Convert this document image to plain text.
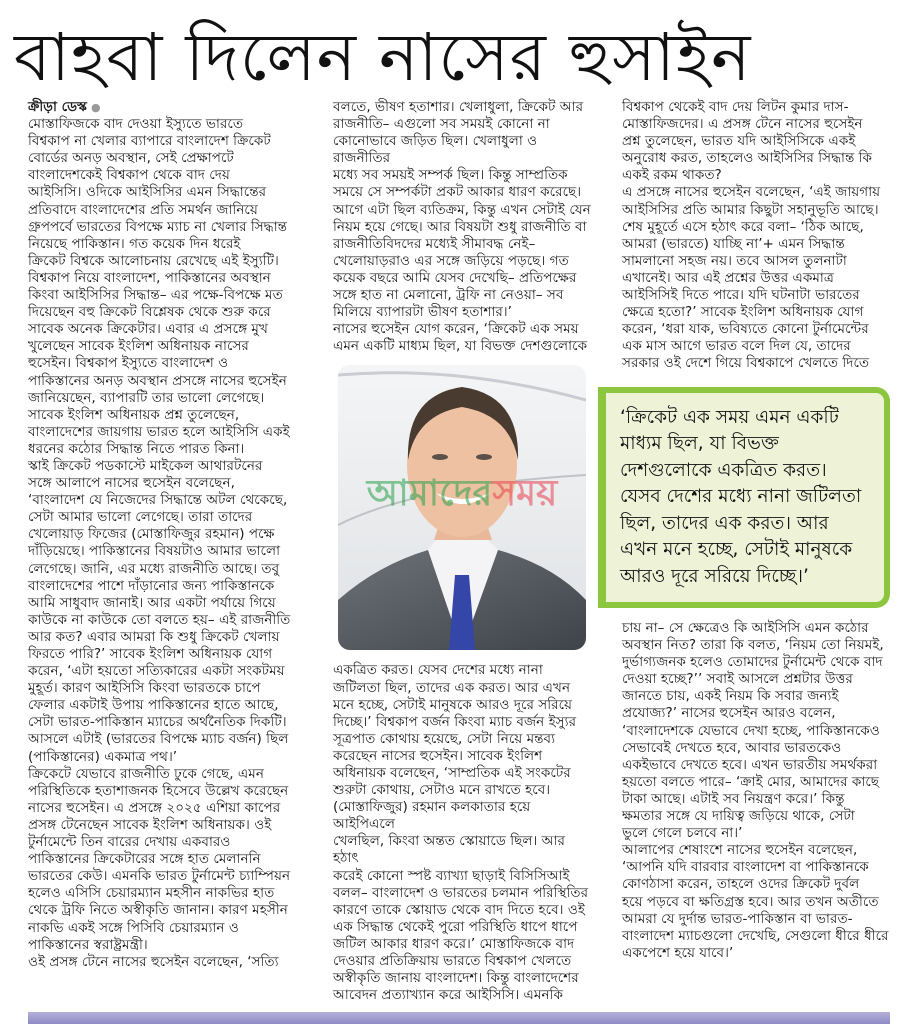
বাহবা দিলেন নাসের হুসাইন
ক্রীড়া ডেস্ক ●
মোস্তাফিজকে বাদ দেওয়া ইস্যুতে ভারতে
বিশ্বকাপ না খেলার ব্যাপারে বাংলাদেশ ক্রিকেট
বোর্ডের অনড় অবস্থান, সেই প্রেক্ষাপটে
বাংলাদেশকেই বিশ্বকাপ থেকে বাদ দেয়
আইসিসি। ওদিকে আইসিসির এমন সিদ্ধান্তের
প্রতিবাদে বাংলাদেশের প্রতি সমর্থন জানিয়ে
গ্রুপপর্বে ভারতের বিপক্ষে ম্যাচ না খেলার সিদ্ধান্ত
নিয়েছে পাকিস্তান। গত কয়েক দিন ধরেই
ক্রিকেট বিশ্বকে আলোচনায় রেখেছে এই ইস্যুটি।
বিশ্বকাপ নিয়ে বাংলাদেশ, পাকিস্তানের অবস্থান
কিংবা আইসিসির সিদ্ধান্ত– এর পক্ষে-বিপক্ষে মত
দিয়েছেন বহু ক্রিকেট বিশ্লেষক থেকে শুরু করে
সাবেক অনেক ক্রিকেটার। এবার এ প্রসঙ্গে মুখ
খুলেছেন সাবেক ইংলিশ অধিনায়ক নাসের
হুসেইন। বিশ্বকাপ ইস্যুতে বাংলাদেশ ও
পাকিস্তানের অনড় অবস্থান প্রসঙ্গে নাসের হুসেইন
জানিয়েছেন, ব্যাপারটি তার ভালো লেগেছে।
সাবেক ইংলিশ অধিনায়ক প্রশ্ন তুলেছেন,
বাংলাদেশের জায়গায় ভারত হলে আইসিসি একই
ধরনের কঠোর সিদ্ধান্ত নিতে পারত কিনা।
স্কাই ক্রিকেট পডকাস্টে মাইকেল আথারটনের
সঙ্গে আলাপে নাসের হুসেইন বলেছেন,
‘বাংলাদেশ যে নিজেদের সিদ্ধান্তে অটল থেকেছে,
সেটা আমার ভালো লেগেছে। তারা তাদের
খেলোয়াড় ফিজের (মোস্তাফিজুর রহমান) পক্ষে
দাঁড়িয়েছে। পাকিস্তানের বিষয়টাও আমার ভালো
লেগেছে। জানি, এর মধ্যে রাজনীতি আছে। তবু
বাংলাদেশের পাশে দাঁড়ানোর জন্য পাকিস্তানকে
আমি সাধুবাদ জানাই। আর একটা পর্যায়ে গিয়ে
কাউকে না কাউকে তো বলতে হয়– এই রাজনীতি
আর কত? এবার আমরা কি শুধু ক্রিকেট খেলায়
ফিরতে পারি?’ সাবেক ইংলিশ অধিনায়ক যোগ
করেন, ‘এটা হয়তো সত্যিকারের একটা সংকটময়
মুহূর্ত। কারণ আইসিসি কিংবা ভারতকে চাপে
ফেলার একটাই উপায় পাকিস্তানের হাতে আছে,
সেটা ভারত-পাকিস্তান ম্যাচের অর্থনৈতিক দিকটি।
আসলে এটাই (ভারতের বিপক্ষে ম্যাচ বর্জন) ছিল
(পাকিস্তানের) একমাত্র পথ।’
ক্রিকেটে যেভাবে রাজনীতি ঢুকে গেছে, এমন
পরিস্থিতিকে হতাশাজনক হিসেবে উল্লেখ করেছেন
নাসের হুসেইন। এ প্রসঙ্গে ২০২৫ এশিয়া কাপের
প্রসঙ্গ টেনেছেন সাবেক ইংলিশ অধিনায়ক। ওই
টুর্নামেন্টে তিন বারের দেখায় একবারও
পাকিস্তানের ক্রিকেটারের সঙ্গে হাত মেলাননি
ভারতের কেউ। এমনকি ভারত টুর্নামেন্ট চ্যাম্পিয়ন
হলেও এসিসি চেয়ারম্যান মহসীন নাকভির হাত
থেকে ট্রফি নিতে অস্বীকৃতি জানান। কারণ মহসীন
নাকভি একই সঙ্গে পিসিবি চেয়ারম্যান ও
পাকিস্তানের স্বরাষ্ট্রমন্ত্রী।
ওই প্রসঙ্গ টেনে নাসের হুসেইন বলেছেন, ‘সত্যি
বলতে, ভীষণ হতাশার। খেলাধুলা, ক্রিকেট আর
রাজনীতি– এগুলো সব সময়ই কোনো না
কোনোভাবে জড়িত ছিল। খেলাধুলা ও রাজনীতির
মধ্যে সব সময়ই সম্পর্ক ছিল। কিন্তু সাম্প্রতিক
সময়ে সে সম্পর্কটা প্রকট আকার ধারণ করেছে।
আগে এটা ছিল ব্যতিক্রম, কিন্তু এখন সেটাই যেন
নিয়ম হয়ে গেছে। আর বিষয়টা শুধু রাজনীতি বা
রাজনীতিবিদদের মধ্যেই সীমাবদ্ধ নেই–
খেলোয়াড়রাও এর সঙ্গে জড়িয়ে পড়ছে। গত
কয়েক বছরে আমি যেসব দেখেছি– প্রতিপক্ষের
সঙ্গে হাত না মেলানো, ট্রফি না নেওয়া– সব
মিলিয়ে ব্যাপারটা ভীষণ হতাশার।’
নাসের হুসেইন যোগ করেন, ‘ক্রিকেট এক সময়
এমন একটি মাধ্যম ছিল, যা বিভক্ত দেশগুলোকে
আমাদেরসময়
একত্রিত করত। যেসব দেশের মধ্যে নানা
জটিলতা ছিল, তাদের এক করত। আর এখন
মনে হচ্ছে, সেটাই মানুষকে আরও দূরে সরিয়ে
দিচ্ছে।’ বিশ্বকাপ বর্জন কিংবা ম্যাচ বর্জন ইস্যুর
সূত্রপাত কোথায় হয়েছে, সেটা নিয়ে মন্তব্য
করেছেন নাসের হুসেইন। সাবেক ইংলিশ
অধিনায়ক বলেছেন, ‘সাম্প্রতিক এই সংকটের
শুরুটা কোথায়, সেটাও মনে রাখতে হবে।
(মোস্তাফিজুর) রহমান কলকাতার হয়ে আইপিএলে
খেলছিল, কিংবা অন্তত স্কোয়াডে ছিল। আর হঠাৎ
করেই কোনো স্পষ্ট ব্যাখ্যা ছাড়াই বিসিসিআই
বলল– বাংলাদেশ ও ভারতের চলমান পরিস্থিতির
কারণে তাকে স্কোয়াড থেকে বাদ দিতে হবে। ওই
এক সিদ্ধান্ত থেকেই পুরো পরিস্থিতি ধাপে ধাপে
জটিল আকার ধারণ করে।’ মোস্তাফিজকে বাদ
দেওয়ার প্রতিক্রিয়ায় ভারতে বিশ্বকাপ খেলতে
অস্বীকৃতি জানায় বাংলাদেশ। কিন্তু বাংলাদেশের
আবেদন প্রত্যাখ্যান করে আইসিসি। এমনকি
বিশ্বকাপ থেকেই বাদ দেয় লিটন কুমার দাস-
মোস্তাফিজদের। এ প্রসঙ্গ টেনে নাসের হুসেইন
প্রশ্ন তুলেছেন, ভারত যদি আইসিসিকে একই
অনুরোধ করত, তাহলেও আইসিসির সিদ্ধান্ত কি
একই রকম থাকত?
এ প্রসঙ্গে নাসের হুসেইন বলেছেন, ‘এই জায়গায়
আইসিসির প্রতি আমার কিছুটা সহানুভূতি আছে।
শেষ মুহূর্তে এসে হঠাৎ করে বলা– ‘ঠিক আছে,
আমরা (ভারতে) যাচ্ছি না’+ এমন সিদ্ধান্ত
সামলানো সহজ নয়। তবে আসল তুলনাটা
এখানেই। আর এই প্রশ্নের উত্তর একমাত্র
আইসিসিই দিতে পারে। যদি ঘটনাটা ভারতের
ক্ষেত্রে হতো?’ সাবেক ইংলিশ অধিনায়ক যোগ
করেন, ‘ধরা যাক, ভবিষ্যতে কোনো টুর্নামেন্টের
এক মাস আগে ভারত বলে দিল যে, তাদের
সরকার ওই দেশে গিয়ে বিশ্বকাপে খেলতে দিতে
‘ক্রিকেট এক সময় এমন একটি
মাধ্যম ছিল, যা বিভক্ত
দেশগুলোকে একত্রিত করত।
যেসব দেশের মধ্যে নানা জটিলতা
ছিল, তাদের এক করত। আর
এখন মনে হচ্ছে, সেটাই মানুষকে
আরও দূরে সরিয়ে দিচ্ছে।’
চায় না– সে ক্ষেত্রেও কি আইসিসি এমন কঠোর
অবস্থান নিত? তারা কি বলত, ‘নিয়ম তো নিয়মই,
দুর্ভাগ্যজনক হলেও তোমাদের টুর্নামেন্ট থেকে বাদ
দেওয়া হচ্ছে?’’ সবাই আসলে প্রশ্নটার উত্তর
জানতে চায়, একই নিয়ম কি সবার জন্যই
প্রযোজ্য?’ নাসের হুসেইন আরও বলেন,
‘বাংলাদেশকে যেভাবে দেখা হচ্ছে, পাকিস্তানকেও
সেভাবেই দেখতে হবে, আবার ভারতকেও
একইভাবে দেখতে হবে। এখন ভারতীয় সমর্থকরা
হয়তো বলতে পারে– ‘ক্রাই মোর, আমাদের কাছে
টাকা আছে। এটাই সব নিয়ন্ত্রণ করে।’ কিন্তু
ক্ষমতার সঙ্গে যে দায়িত্ব জড়িয়ে থাকে, সেটা
ভুলে গেলে চলবে না।’
আলাপের শেষাংশে নাসের হুসেইন বলেছেন,
‘আপনি যদি বারবার বাংলাদেশ বা পাকিস্তানকে
কোণঠাসা করেন, তাহলে ওদের ক্রিকেট দুর্বল
হয়ে পড়বে বা ক্ষতিগ্রস্ত হবে। আর তখন অতীতে
আমরা যে দুর্দান্ত ভারত-পাকিস্তান বা ভারত-
বাংলাদেশ ম্যাচগুলো দেখেছি, সেগুলো ধীরে ধীরে
একপেশে হয়ে যাবে।’
